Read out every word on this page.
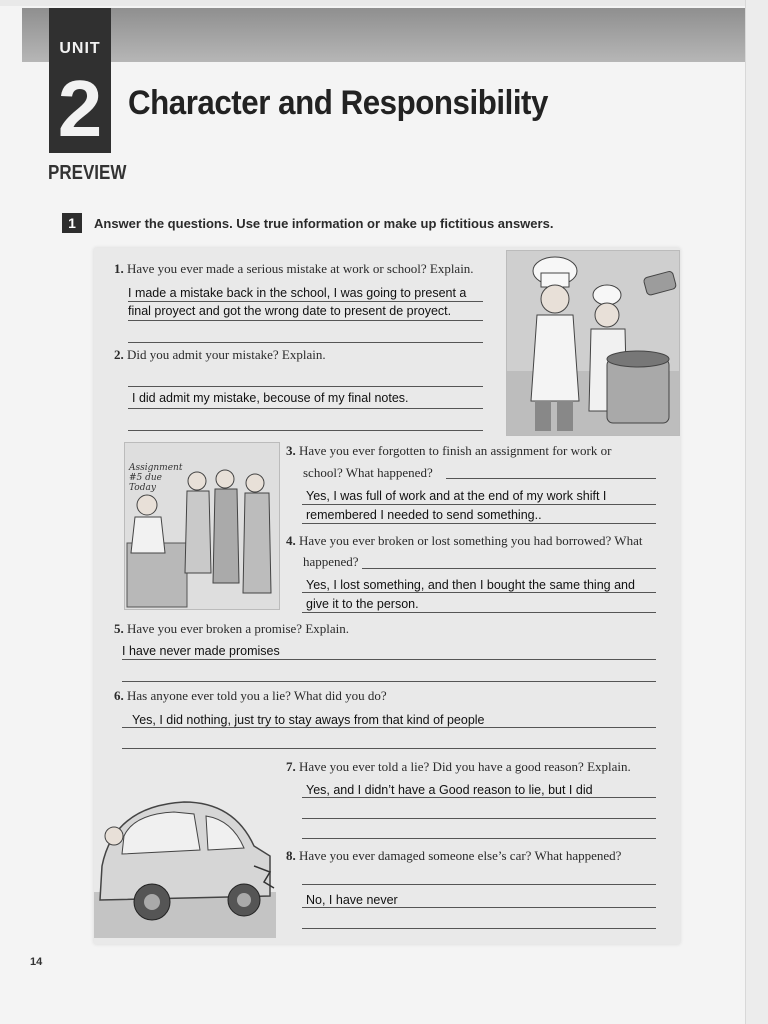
UNIT
2 Character and Responsibility
PREVIEW
1	Answer the questions. Use true information or make up fictitious answers.
1. Have you ever made a serious mistake at work or school? Explain.
I made a mistake back in the school, I was going to present a
final proyect and got the wrong date to present de proyect.
2. Did you admit your mistake? Explain.
I did admit my mistake, becouse of my final notes.
Assignment #5 due Today
3. Have you ever forgotten to finish an assignment for work or
school? What happened?
Yes, I was full of work and at the end of my work shift I
remembered I needed to send something..
4. Have you ever broken or lost something you had borrowed? What
happened?
Yes, I lost something, and then I bought the same thing and
give it to the person.
5. Have you ever broken a promise? Explain.
I have never made promises
6. Has anyone ever told you a lie? What did you do?
Yes, I did nothing, just try to stay aways from that kind of people
7. Have you ever told a lie? Did you have a good reason? Explain.
Yes, and I didn’t have a Good reason to lie, but I did
8. Have you ever damaged someone else’s car? What happened?
No, I have never
14
